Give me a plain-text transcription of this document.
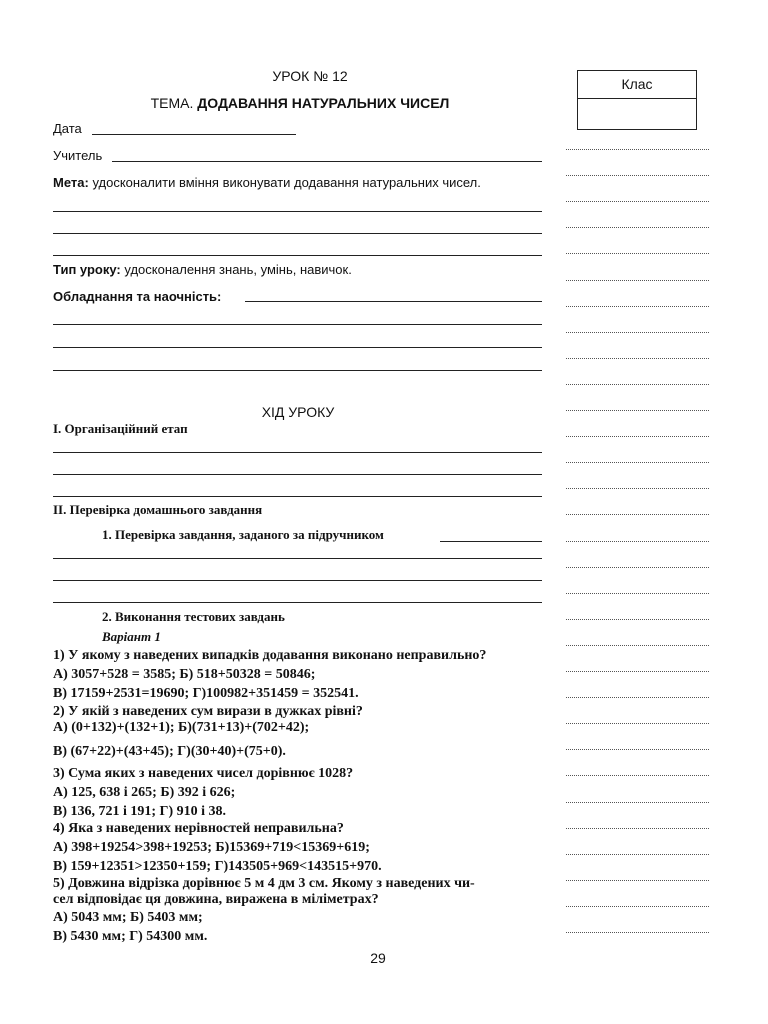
УРОК № 12
ТЕМА. ДОДАВАННЯ НАТУРАЛЬНИХ ЧИСЕЛ
Клас
Дата
Учитель
Мета: удосконалити вміння виконувати додавання натуральних чисел.
Тип уроку: удосконалення знань, умінь, навичок.
Обладнання та наочність:
ХІД УРОКУ
I. Організаційний етап
II. Перевірка домашнього завдання
1. Перевірка завдання, заданого за підручником
2. Виконання тестових завдань
Варіант 1
1) У якому з наведених випадків додавання виконано неправильно?
А) 3057+528 = 3585; Б) 518+50328 = 50846;
В) 17159+2531=19690; Г)100982+351459 = 352541.
2) У якій з наведених сум вирази в дужках рівні?
А) (0+132)+(132+1); Б)(731+13)+(702+42);
В) (67+22)+(43+45); Г)(30+40)+(75+0).
3) Сума яких з наведених чисел дорівнює 1028?
А) 125, 638 і 265; Б) 392 і 626;
В) 136, 721 і 191; Г) 910 і 38.
4) Яка з наведених нерівностей неправильна?
А) 398+19254>398+19253; Б)15369+719<15369+619;
В) 159+12351>12350+159; Г)143505+969<143515+970.
5) Довжина відрізка дорівнює 5 м 4 дм 3 см. Якому з наведених чи-
сел відповідає ця довжина, виражена в міліметрах?
А) 5043 мм; Б) 5403 мм;
В) 5430 мм; Г) 54300 мм.
29
